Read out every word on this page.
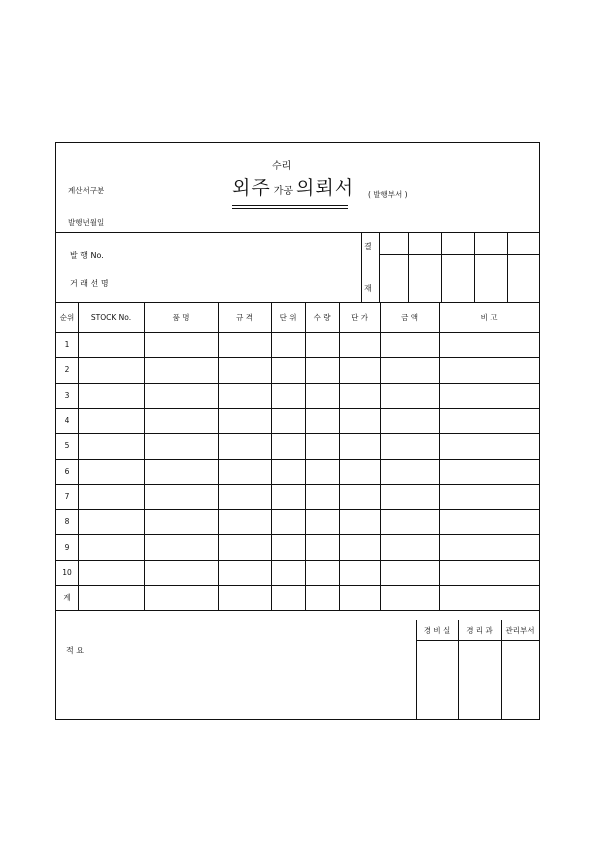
계산서구분
발행년월일
수리
외주 가공 의뢰서 ( 발행부서 )
발 행 No.
거 래 선 명
결
재
순위	STOCK No.	품 명	규 격	단 위	수 량	단 가	금 액	비 고
1
2
3
4
5
6
7
8
9
10
계
적 요
경 비 실	경 리 과	관리부서
